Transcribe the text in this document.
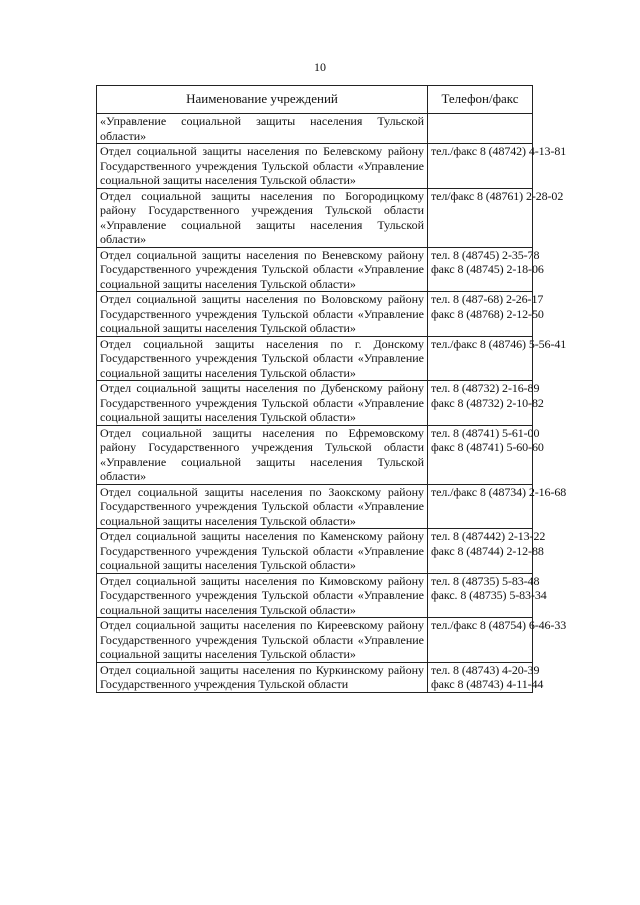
10
Наименование учреждений	Телефон/факс
«Управление социальной защиты населения Тульской области»	
Отдел социальной защиты населения по Белевскому району Государственного учреждения Тульской области «Управление социальной защиты населения Тульской области»	тел./факс 8 (48742) 4-13-81

Отдел социальной защиты населения по Богородицкому району Государственного учреждения Тульской области «Управление социальной защиты населения Тульской области»	тел/факс 8 (48761) 2-28-02

Отдел социальной защиты населения по Веневскому району Государственного учреждения Тульской области «Управление социальной защиты населения Тульской области»	тел. 8 (48745) 2-35-78
факс 8 (48745) 2-18-06

Отдел социальной защиты населения по Воловскому району Государственного учреждения Тульской области «Управление социальной защиты населения Тульской области»	тел. 8 (487-68) 2-26-17
факс 8 (48768) 2-12-50

Отдел социальной защиты населения по г. Донскому Государственного учреждения Тульской области «Управление социальной защиты населения Тульской области»	тел./факс 8 (48746) 5-56-41

Отдел социальной защиты населения по Дубенскому району Государственного учреждения Тульской области «Управление социальной защиты населения Тульской области»	тел. 8 (48732) 2-16-89
факс 8 (48732) 2-10-82

Отдел социальной защиты населения по Ефремовскому району Государственного учреждения Тульской области «Управление социальной защиты населения Тульской области»	тел. 8 (48741) 5-61-00
факс 8 (48741) 5-60-60

Отдел социальной защиты населения по Заокскому району Государственного учреждения Тульской области «Управление социальной защиты населения Тульской области»	тел./факс 8 (48734) 2-16-68

Отдел социальной защиты населения по Каменскому району Государственного учреждения Тульской области «Управление социальной защиты населения Тульской области»	тел. 8 (487442) 2-13-22
факс 8 (48744) 2-12-88

Отдел социальной защиты населения по Кимовскому району Государственного учреждения Тульской области «Управление социальной защиты населения Тульской области»	тел. 8 (48735) 5-83-48
факс. 8 (48735) 5-83-34

Отдел социальной защиты населения по Киреевскому району Государственного учреждения Тульской области «Управление социальной защиты населения Тульской области»	тел./факс 8 (48754) 6-46-33

Отдел социальной защиты населения по Куркинскому району Государственного учреждения Тульской области	тел. 8 (48743) 4-20-39
факс 8 (48743) 4-11-44
